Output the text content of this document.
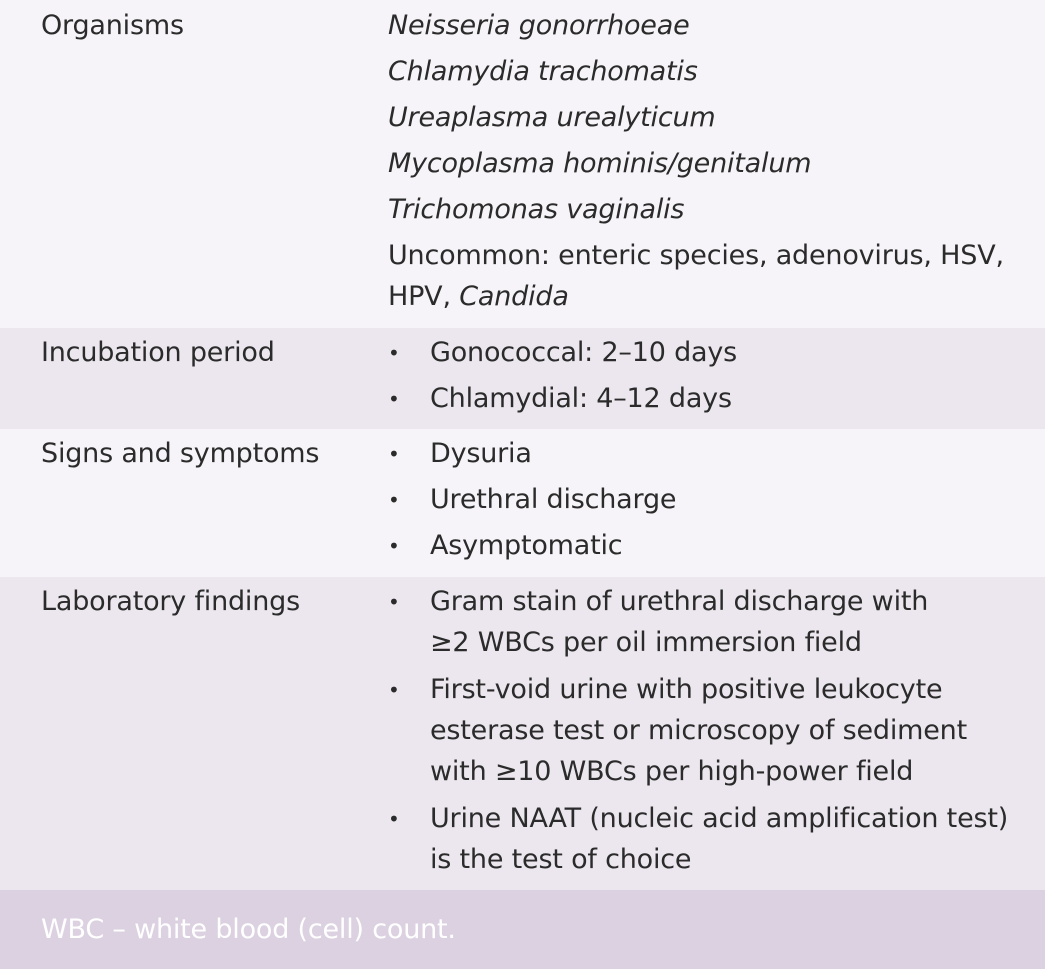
Organisms	Neisseria gonorrhoeae
Chlamydia trachomatis
Ureaplasma urealyticum
Mycoplasma hominis/genitalum
Trichomonas vaginalis
Uncommon: enteric species, adenovirus, HSV,
HPV, Candida
Incubation period	• Gonococcal: 2–10 days
• Chlamydial: 4–12 days
Signs and symptoms	• Dysuria
• Urethral discharge
• Asymptomatic
Laboratory findings	• Gram stain of urethral discharge with
≥2 WBCs per oil immersion field
• First-void urine with positive leukocyte
esterase test or microscopy of sediment
with ≥10 WBCs per high-power field
• Urine NAAT (nucleic acid amplification test)
is the test of choice
WBC – white blood (cell) count.
